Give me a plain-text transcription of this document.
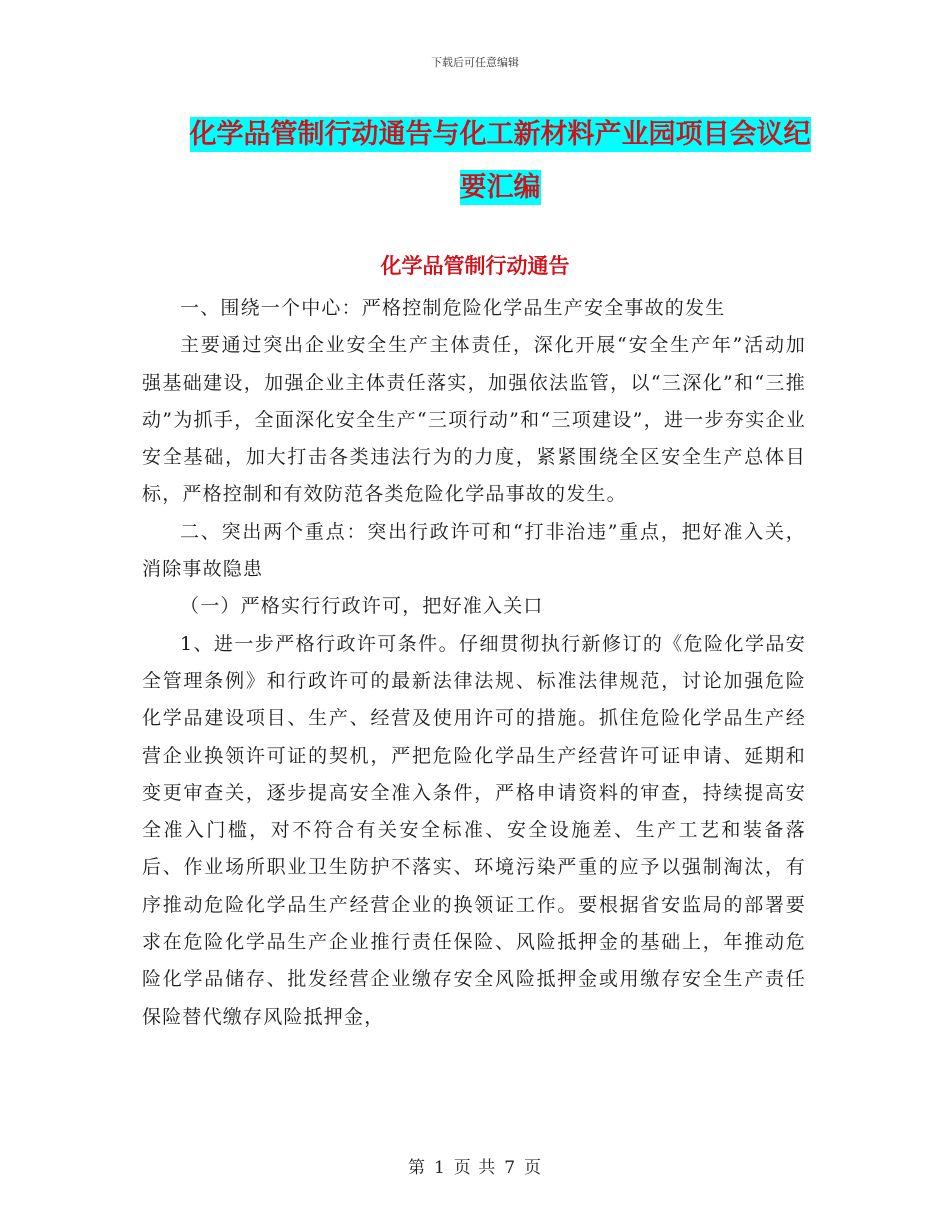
下载后可任意编辑
化学品管制行动通告与化工新材料产业园项目会议纪
要汇编
化学品管制行动通告

一、围绕一个中心：严格控制危险化学品生产安全事故的发生

主要通过突出企业安全生产主体责任，深化开展“安全生产年”活动加强基础建设，加强企业主体责任落实，加强依法监管，以“三深化”和“三推动”为抓手，全面深化安全生产“三项行动”和“三项建设”，进一步夯实企业安全基础，加大打击各类违法行为的力度，紧紧围绕全区安全生产总体目标，严格控制和有效防范各类危险化学品事故的发生。

二、突出两个重点：突出行政许可和“打非治违”重点，把好准入关，消除事故隐患

（一）严格实行行政许可，把好准入关口

1、进一步严格行政许可条件。仔细贯彻执行新修订的《危险化学品安全管理条例》和行政许可的最新法律法规、标准法律规范，讨论加强危险化学品建设项目、生产、经营及使用许可的措施。抓住危险化学品生产经营企业换领许可证的契机，严把危险化学品生产经营许可证申请、延期和变更审查关，逐步提高安全准入条件，严格申请资料的审查，持续提高安全准入门槛，对不符合有关安全标准、安全设施差、生产工艺和装备落后、作业场所职业卫生防护不落实、环境污染严重的应予以强制淘汰，有序推动危险化学品生产经营企业的换领证工作。要根据省安监局的部署要求在危险化学品生产企业推行责任保险、风险抵押金的基础上，年推动危险化学品储存、批发经营企业缴存安全风险抵押金或用缴存安全生产责任保险替代缴存风险抵押金，

第 1 页 共 7 页
